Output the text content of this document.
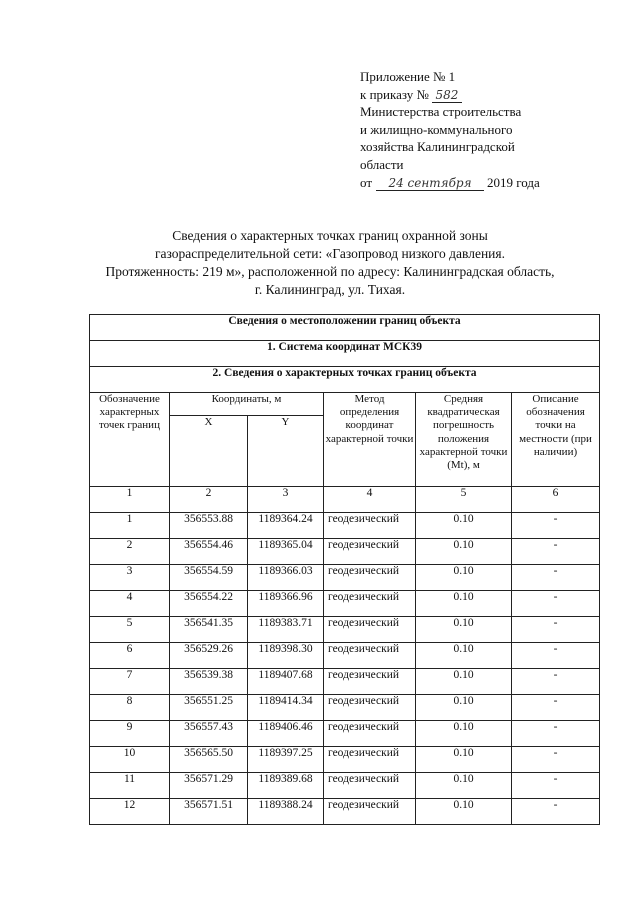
Приложение № 1
к приказу № 582
Министерства строительства
и жилищно-коммунального
хозяйства Калининградской
области
от 24 сентября 2019 года
Сведения о характерных точках границ охранной зоны
газораспределительной сети: «Газопровод низкого давления.
Протяженность: 219 м», расположенной по адресу: Калининградская область,
г. Калининград, ул. Тихая.
Сведения о местоположении границ объекта					
1. Система координат МСК39					
2. Сведения о характерных точках границ объекта					
Обозначение характерных точек границ	Координаты, м		Метод определения координат характерной точки	Средняя квадратическая погрешность положения характерной точки (Mt), м	Описание обозначения точки на местности (при наличии)
	X	Y			
1	2	3	4	5	6
1	356553.88	1189364.24	геодезический	0.10	-
2	356554.46	1189365.04	геодезический	0.10	-
3	356554.59	1189366.03	геодезический	0.10	-
4	356554.22	1189366.96	геодезический	0.10	-
5	356541.35	1189383.71	геодезический	0.10	-
6	356529.26	1189398.30	геодезический	0.10	-
7	356539.38	1189407.68	геодезический	0.10	-
8	356551.25	1189414.34	геодезический	0.10	-
9	356557.43	1189406.46	геодезический	0.10	-
10	356565.50	1189397.25	геодезический	0.10	-
11	356571.29	1189389.68	геодезический	0.10	-
12	356571.51	1189388.24	геодезический	0.10	-
